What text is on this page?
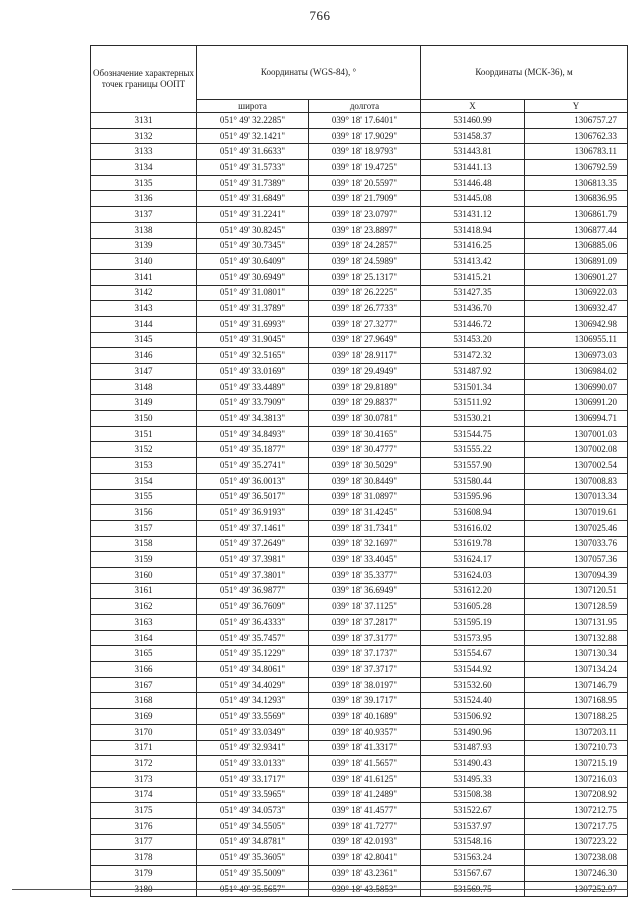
766
Обозначение характерных точек границы ООПТ	Координаты (WGS-84), °		Координаты (МСК-36), м	
	широта	долгота	X	Y
3131	051° 49' 32.2285"	039° 18' 17.6401"	531460.99	1306757.27
3132	051° 49' 32.1421"	039° 18' 17.9029"	531458.37	1306762.33
3133	051° 49' 31.6633"	039° 18' 18.9793"	531443.81	1306783.11
3134	051° 49' 31.5733"	039° 18' 19.4725"	531441.13	1306792.59
3135	051° 49' 31.7389"	039° 18' 20.5597"	531446.48	1306813.35
3136	051° 49' 31.6849"	039° 18' 21.7909"	531445.08	1306836.95
3137	051° 49' 31.2241"	039° 18' 23.0797"	531431.12	1306861.79
3138	051° 49' 30.8245"	039° 18' 23.8897"	531418.94	1306877.44
3139	051° 49' 30.7345"	039° 18' 24.2857"	531416.25	1306885.06
3140	051° 49' 30.6409"	039° 18' 24.5989"	531413.42	1306891.09
3141	051° 49' 30.6949"	039° 18' 25.1317"	531415.21	1306901.27
3142	051° 49' 31.0801"	039° 18' 26.2225"	531427.35	1306922.03
3143	051° 49' 31.3789"	039° 18' 26.7733"	531436.70	1306932.47
3144	051° 49' 31.6993"	039° 18' 27.3277"	531446.72	1306942.98
3145	051° 49' 31.9045"	039° 18' 27.9649"	531453.20	1306955.11
3146	051° 49' 32.5165"	039° 18' 28.9117"	531472.32	1306973.03
3147	051° 49' 33.0169"	039° 18' 29.4949"	531487.92	1306984.02
3148	051° 49' 33.4489"	039° 18' 29.8189"	531501.34	1306990.07
3149	051° 49' 33.7909"	039° 18' 29.8837"	531511.92	1306991.20
3150	051° 49' 34.3813"	039° 18' 30.0781"	531530.21	1306994.71
3151	051° 49' 34.8493"	039° 18' 30.4165"	531544.75	1307001.03
3152	051° 49' 35.1877"	039° 18' 30.4777"	531555.22	1307002.08
3153	051° 49' 35.2741"	039° 18' 30.5029"	531557.90	1307002.54
3154	051° 49' 36.0013"	039° 18' 30.8449"	531580.44	1307008.83
3155	051° 49' 36.5017"	039° 18' 31.0897"	531595.96	1307013.34
3156	051° 49' 36.9193"	039° 18' 31.4245"	531608.94	1307019.61
3157	051° 49' 37.1461"	039° 18' 31.7341"	531616.02	1307025.46
3158	051° 49' 37.2649"	039° 18' 32.1697"	531619.78	1307033.76
3159	051° 49' 37.3981"	039° 18' 33.4045"	531624.17	1307057.36
3160	051° 49' 37.3801"	039° 18' 35.3377"	531624.03	1307094.39
3161	051° 49' 36.9877"	039° 18' 36.6949"	531612.20	1307120.51
3162	051° 49' 36.7609"	039° 18' 37.1125"	531605.28	1307128.59
3163	051° 49' 36.4333"	039° 18' 37.2817"	531595.19	1307131.95
3164	051° 49' 35.7457"	039° 18' 37.3177"	531573.95	1307132.88
3165	051° 49' 35.1229"	039° 18' 37.1737"	531554.67	1307130.34
3166	051° 49' 34.8061"	039° 18' 37.3717"	531544.92	1307134.24
3167	051° 49' 34.4029"	039° 18' 38.0197"	531532.60	1307146.79
3168	051° 49' 34.1293"	039° 18' 39.1717"	531524.40	1307168.95
3169	051° 49' 33.5569"	039° 18' 40.1689"	531506.92	1307188.25
3170	051° 49' 33.0349"	039° 18' 40.9357"	531490.96	1307203.11
3171	051° 49' 32.9341"	039° 18' 41.3317"	531487.93	1307210.73
3172	051° 49' 33.0133"	039° 18' 41.5657"	531490.43	1307215.19
3173	051° 49' 33.1717"	039° 18' 41.6125"	531495.33	1307216.03
3174	051° 49' 33.5965"	039° 18' 41.2489"	531508.38	1307208.92
3175	051° 49' 34.0573"	039° 18' 41.4577"	531522.67	1307212.75
3176	051° 49' 34.5505"	039° 18' 41.7277"	531537.97	1307217.75
3177	051° 49' 34.8781"	039° 18' 42.0193"	531548.16	1307223.22
3178	051° 49' 35.3605"	039° 18' 42.8041"	531563.24	1307238.08
3179	051° 49' 35.5009"	039° 18' 43.2361"	531567.67	1307246.30
3180	051° 49' 35.5657"	039° 18' 43.5853"	531569.75	1307252.97
